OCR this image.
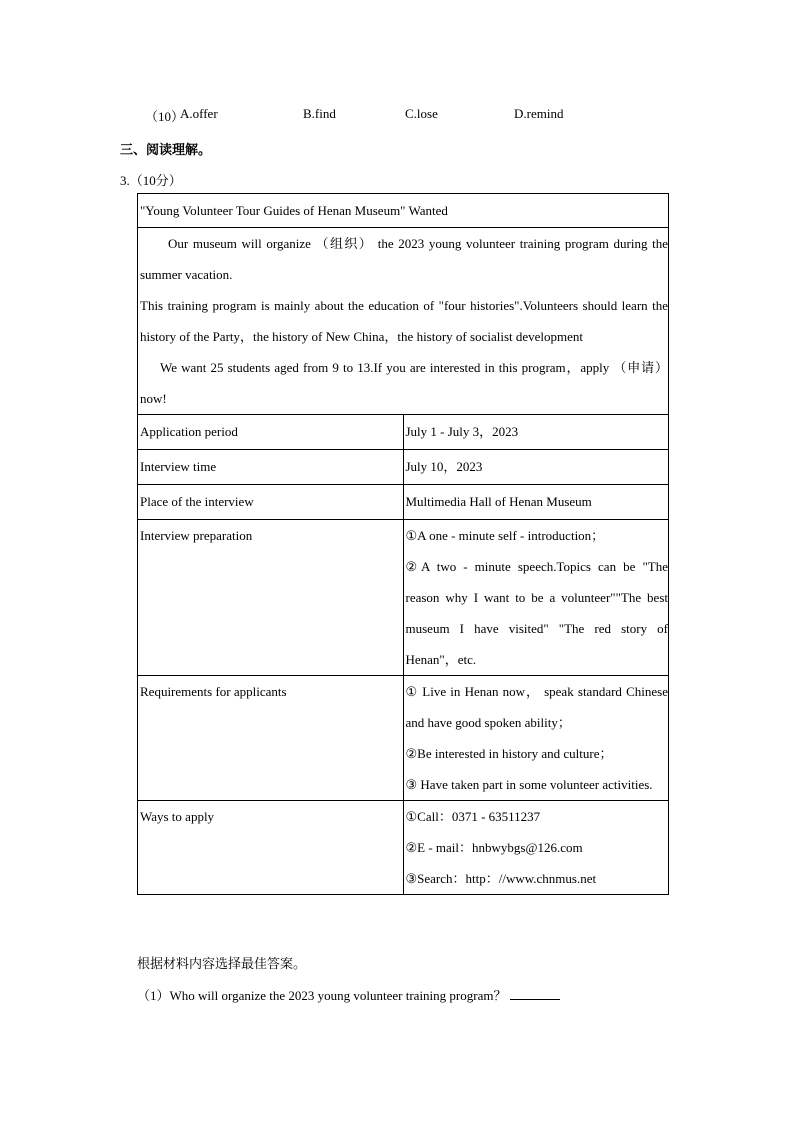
（10）
A.offer	B.find	C.lose	D.remind
三、阅读理解。
3.（10分）
"Young Volunteer Tour Guides of Henan Museum" Wanted	

Our museum will organize （组织） the 2023 young volunteer training program during the summer vacation.
This training program is mainly about the education of "four histories".Volunteers should learn the history of the Party，the history of New China，the history of socialist development
We want 25 students aged from 9 to 13.If you are interested in this program，apply （申请） now!	

Application period	July 1 - July 3，2023
Interview time	July 10，2023
Place of the interview	Multimedia Hall of Henan Museum
Interview preparation	①A one - minute self - introduction；
②A two - minute speech.Topics can be "The reason why I want to be a volunteer""The best museum I have visited" "The red story of Henan"，etc.

Requirements for applicants	① Live in Henan now， speak standard Chinese and have good spoken ability；
②Be interested in history and culture；
③ Have taken part in some volunteer activities.

Ways to apply	①Call：0371 - 63511237
②E - mail：hnbwybgs@126.com
③Search：http：//www.chnmus.net
根据材料内容选择最佳答案。
（1）Who will organize the 2023 young volunteer training program？
